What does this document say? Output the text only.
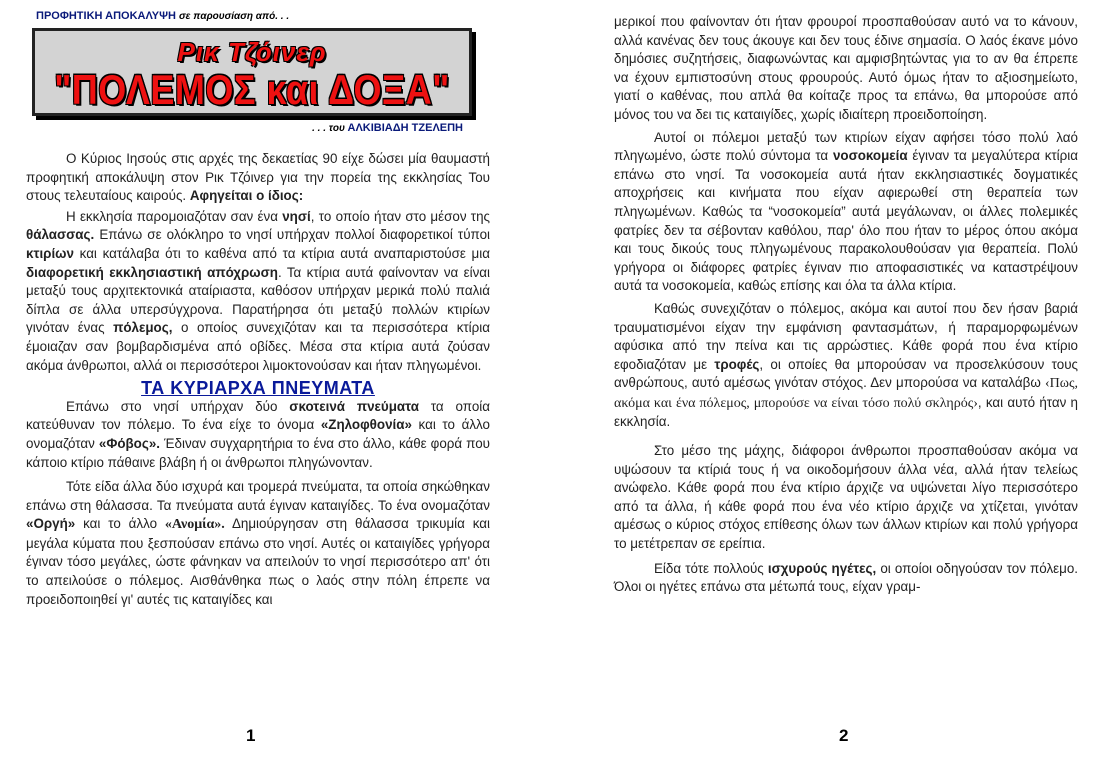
ΠΡΟΦΗΤΙΚΗ ΑΠΟΚΑΛΥΨΗ σε παρουσίαση από. . .
Ρικ Τζόινερ
"ΠΟΛΕΜΟΣ και ΔΟΞΑ"
. . . του ΑΛΚΙΒΙΑΔΗ ΤΖΕΛΕΠΗ

Ο Κύριος Ιησούς στις αρχές της δεκαετίας 90 είχε δώσει μία θαυμαστή προφητική αποκάλυψη στον Ρικ Τζόινερ για την πορεία της εκκλησίας Του στους τελευταίους καιρούς. Αφηγείται ο ίδιος:

Η εκκλησία παρομοιαζόταν σαν ένα νησί, το οποίο ήταν στο μέσον της θάλασσας. Επάνω σε ολόκληρο το νησί υπήρχαν πολλοί διαφορετικοί τύποι κτιρίων και κατάλαβα ότι το καθένα από τα κτίρια αυτά αναπαριστούσε μια διαφορετική εκκλησιαστική απόχρωση. Τα κτίρια αυτά φαίνονταν να είναι μεταξύ τους αρχιτεκτονικά αταίριαστα, καθόσον υπήρχαν μερικά πολύ παλιά δίπλα σε άλλα υπερσύγχρονα. Παρατήρησα ότι μεταξύ πολλών κτιρίων γινόταν ένας πόλεμος, ο οποίος συνεχιζόταν και τα περισσότερα κτίρια έμοιαζαν σαν βομβαρδισμένα από οβίδες. Μέσα στα κτίρια αυτά ζούσαν ακόμα άνθρωποι, αλλά οι περισσότεροι λιμοκτονούσαν και ήταν πληγωμένοι.

ΤΑ ΚΥΡΙΑΡΧΑ ΠΝΕΥΜΑΤΑ

Επάνω στο νησί υπήρχαν δύο σκοτεινά πνεύματα τα οποία κατεύθυναν τον πόλεμο. Το ένα είχε το όνομα «Ζηλοφθονία» και το άλλο ονομαζόταν «Φόβος». Έδιναν συγχαρητήρια το ένα στο άλλο, κάθε φορά που κάποιο κτίριο πάθαινε βλάβη ή οι άνθρωποι πληγώνονταν.

Τότε είδα άλλα δύο ισχυρά και τρομερά πνεύματα, τα οποία σηκώθηκαν επάνω στη θάλασσα. Τα πνεύματα αυτά έγιναν καταιγίδες. Το ένα ονομαζόταν «Οργή» και το άλλο «Ανομία». Δημιούργησαν στη θάλασσα τρικυμία και μεγάλα κύματα που ξεσπούσαν επάνω στο νησί. Αυτές οι καταιγίδες γρήγορα έγιναν τόσο μεγάλες, ώστε φάνηκαν να απειλούν το νησί περισσότερο απ' ότι το απειλούσε ο πόλεμος. Αισθάνθηκα πως ο λαός στην πόλη έπρεπε να προειδοποιηθεί γι' αυτές τις καταιγίδες και

1

μερικοί που φαίνονταν ότι ήταν φρουροί προσπαθούσαν αυτό να το κάνουν, αλλά κανένας δεν τους άκουγε και δεν τους έδινε σημασία. Ο λαός έκανε μόνο δημόσιες συζητήσεις, διαφωνώντας και αμφισβητώντας για το αν θα έπρεπε να έχουν εμπιστοσύνη στους φρουρούς. Αυτό όμως ήταν το αξιοσημείωτο, γιατί ο καθένας, που απλά θα κοίταζε προς τα επάνω, θα μπορούσε από μόνος του να δει τις καταιγίδες, χωρίς ιδιαίτερη προειδοποίηση.

Αυτοί οι πόλεμοι μεταξύ των κτιρίων είχαν αφήσει τόσο πολύ λαό πληγωμένο, ώστε πολύ σύντομα τα νοσοκομεία έγιναν τα μεγαλύτερα κτίρια επάνω στο νησί. Τα νοσοκομεία αυτά ήταν εκκλησιαστικές δογματικές αποχρήσεις και κινήματα που είχαν αφιερωθεί στη θεραπεία των πληγωμένων. Καθώς τα “νοσοκομεία” αυτά μεγάλωναν, οι άλλες πολεμικές φατρίες δεν τα σέβονταν καθόλου, παρ' όλο που ήταν το μέρος όπου ακόμα και τους δικούς τους πληγωμένους παρακολουθούσαν για θεραπεία. Πολύ γρήγορα οι διάφορες φατρίες έγιναν πιο αποφασιστικές να καταστρέψουν αυτά τα νοσοκομεία, καθώς επίσης και όλα τα άλλα κτίρια.

Καθώς συνεχιζόταν ο πόλεμος, ακόμα και αυτοί που δεν ήσαν βαριά τραυματισμένοι είχαν την εμφάνιση φαντασμάτων, ή παραμορφωμένων αφύσικα από την πείνα και τις αρρώστιες. Κάθε φορά που ένα κτίριο εφοδιαζόταν με τροφές, οι οποίες θα μπορούσαν να προσελκύσουν τους ανθρώπους, αυτό αμέσως γινόταν στόχος. Δεν μπορούσα να καταλάβω ‹Πως, ακόμα και ένα πόλεμος, μπορούσε να είναι τόσο πολύ σκληρός›, και αυτό ήταν η εκκλησία.

Στο μέσο της μάχης, διάφοροι άνθρωποι προσπαθούσαν ακόμα να υψώσουν τα κτίριά τους ή να οικοδομήσουν άλλα νέα, αλλά ήταν τελείως ανώφελο. Κάθε φορά που ένα κτίριο άρχιζε να υψώνεται λίγο περισσότερο από τα άλλα, ή κάθε φορά που ένα νέο κτίριο άρχιζε να χτίζεται, γινόταν αμέσως ο κύριος στόχος επίθεσης όλων των άλλων κτιρίων και πολύ γρήγορα το μετέτρεπαν σε ερείπια.

Είδα τότε πολλούς ισχυρούς ηγέτες, οι οποίοι οδηγούσαν τον πόλεμο. Όλοι οι ηγέτες επάνω στα μέτωπά τους, είχαν γραμ-

2
